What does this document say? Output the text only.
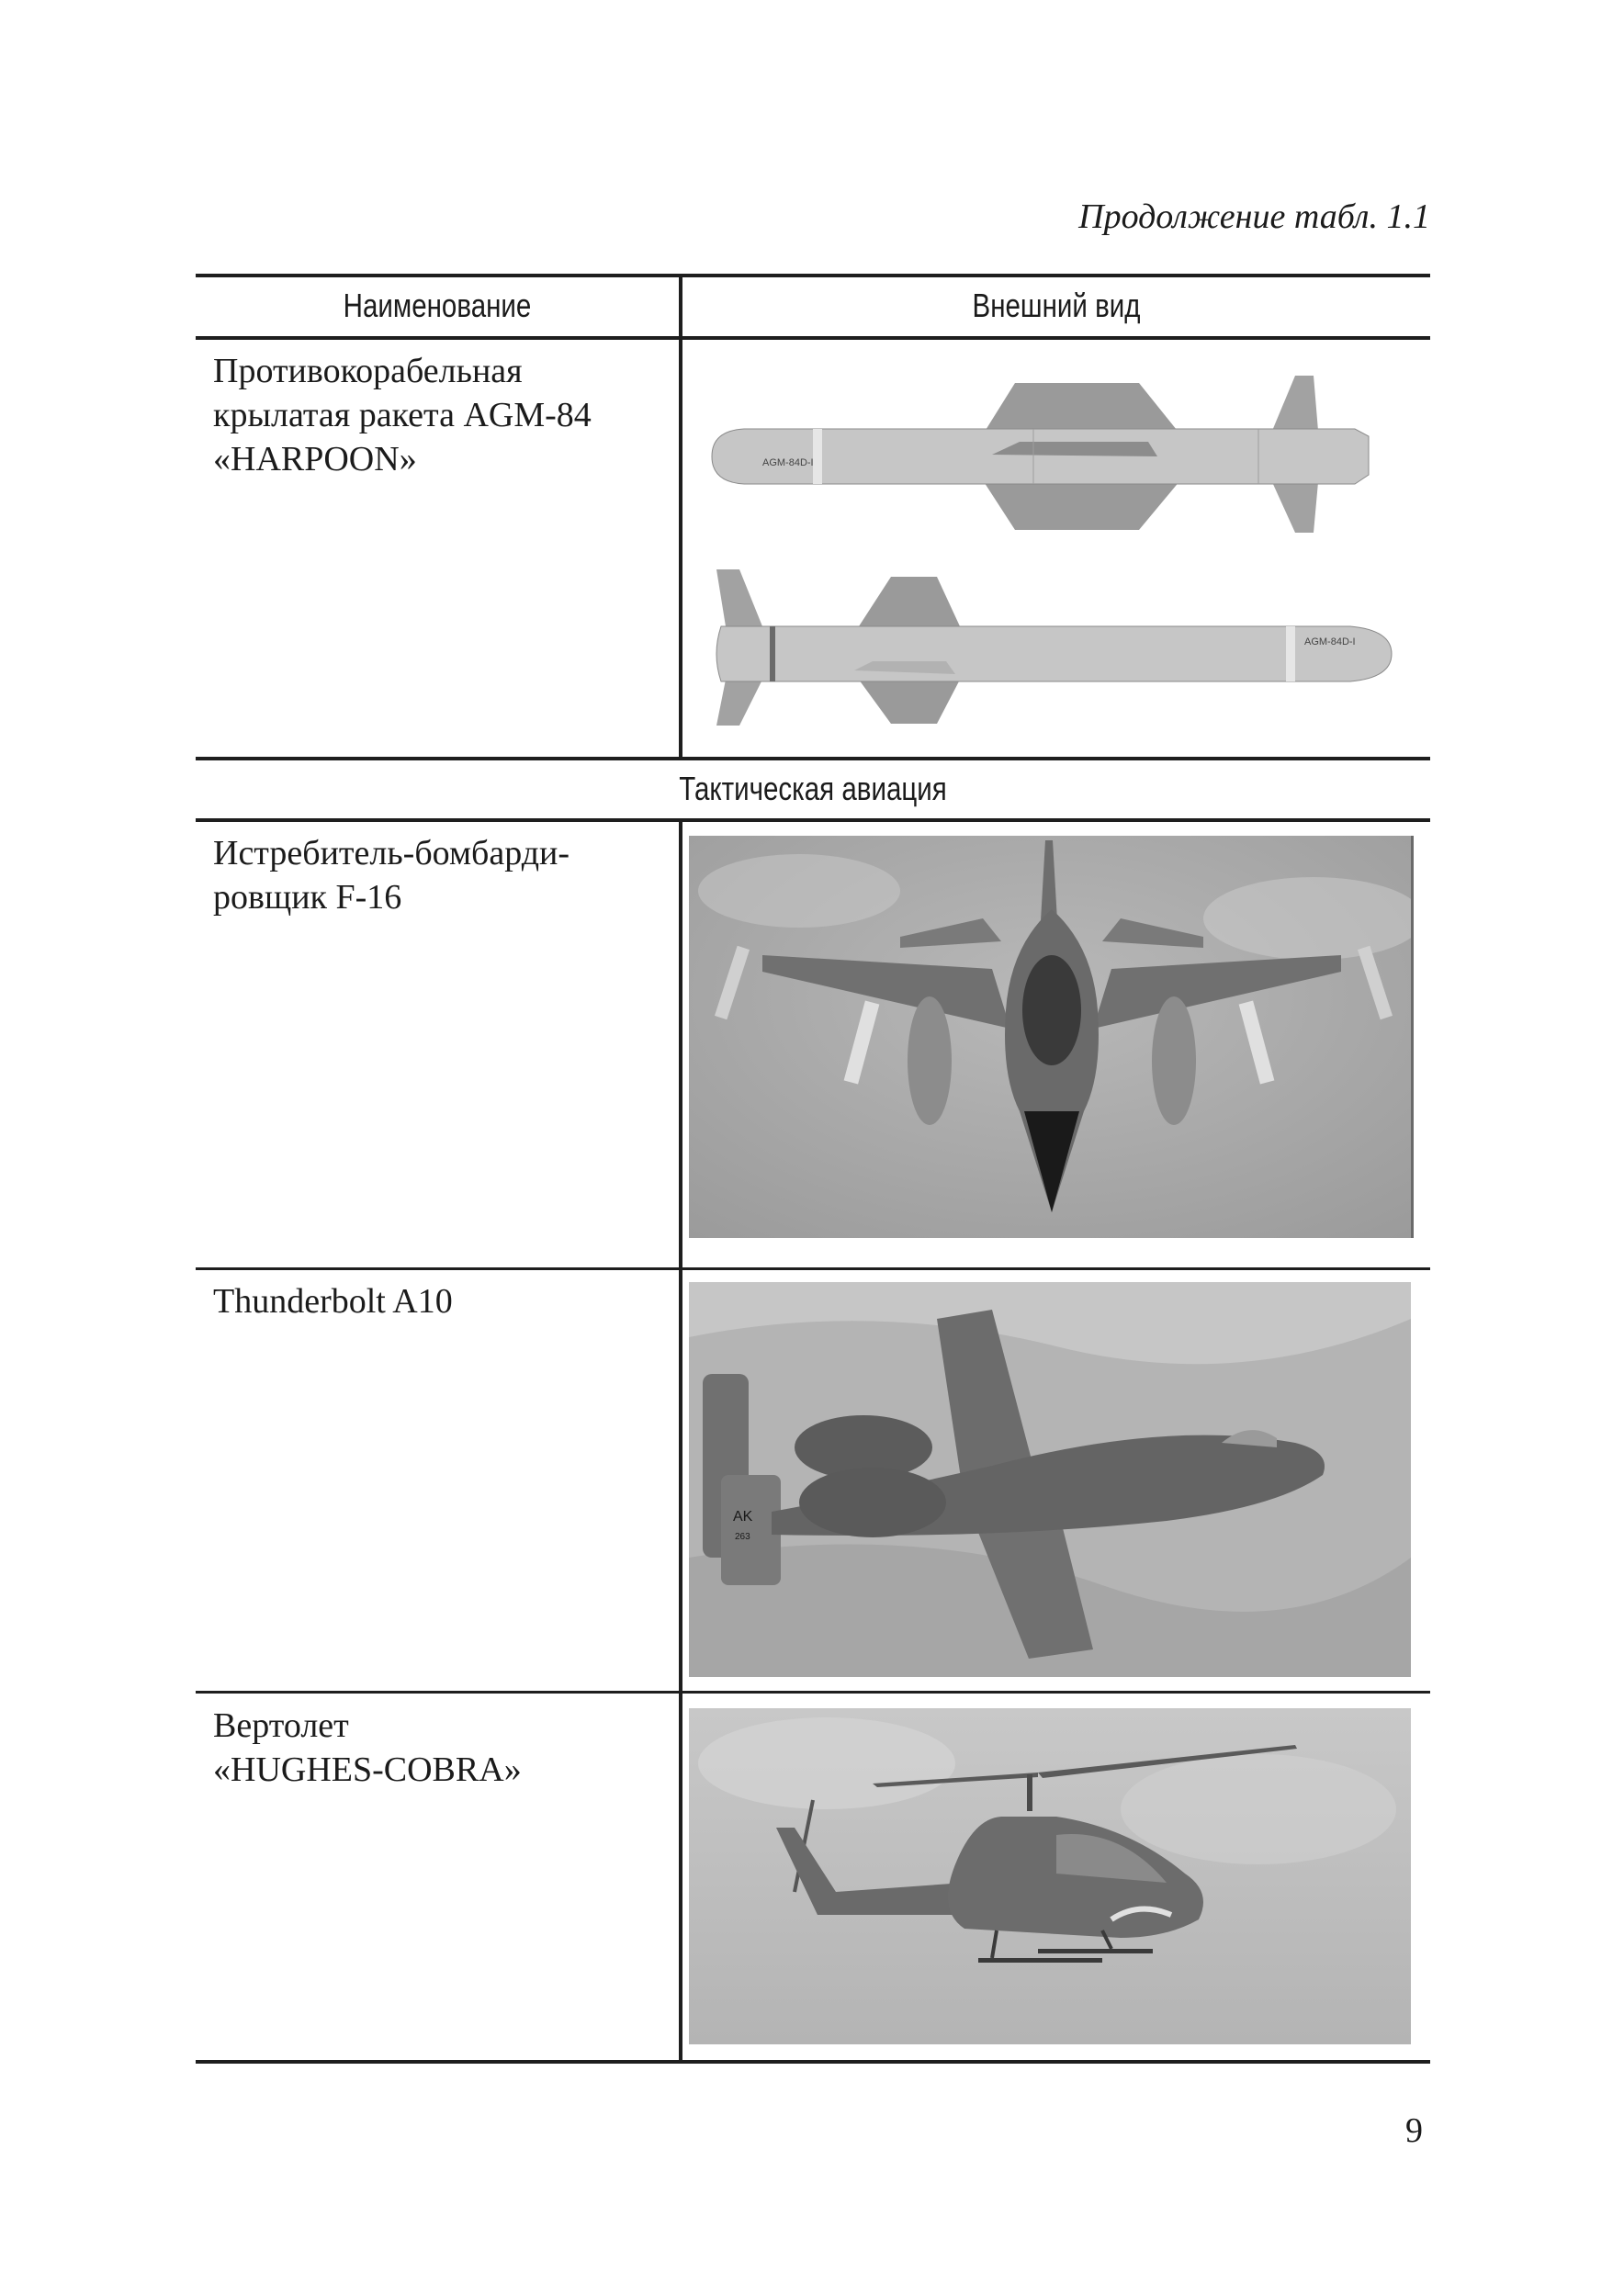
Продолжение табл. 1.1
Наименование	Внешний вид
Противокорабельная
крылатая ракета AGM-84
«HARPOON»	AGM-84D-I
AGM-84D-I
Тактическая авиация
Истребитель-бомбарди-
ровщик F-16
Thunderbolt A10
AK
263
Вертолет
«HUGHES-COBRA»
9
